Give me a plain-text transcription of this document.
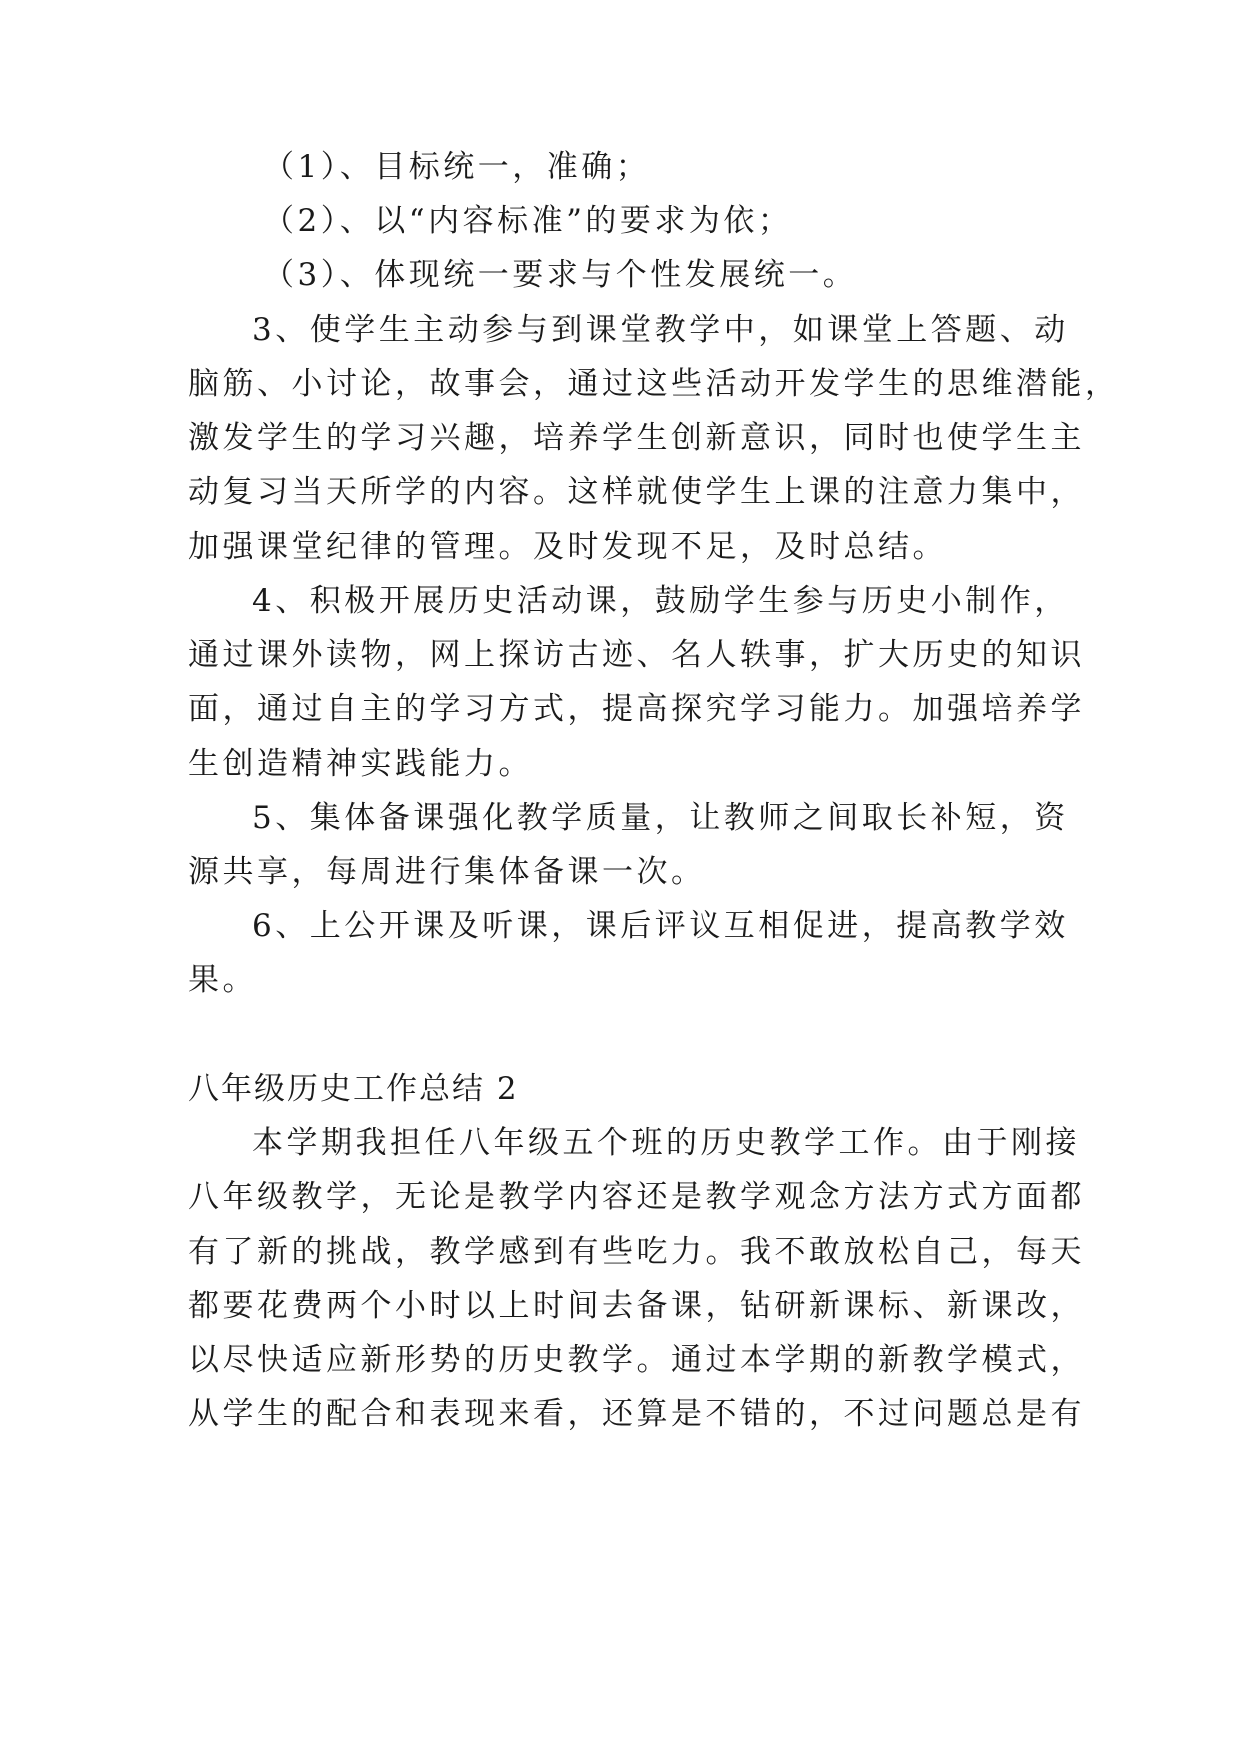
（1）、目标统一，准确；
（2）、以“内容标准”的要求为依；
（3）、体现统一要求与个性发展统一。
3、使学生主动参与到课堂教学中，如课堂上答题、动
脑筋、小讨论，故事会，通过这些活动开发学生的思维潜能，
激发学生的学习兴趣，培养学生创新意识，同时也使学生主
动复习当天所学的内容。这样就使学生上课的注意力集中，
加强课堂纪律的管理。及时发现不足，及时总结。
4、积极开展历史活动课，鼓励学生参与历史小制作，
通过课外读物，网上探访古迹、名人轶事，扩大历史的知识
面，通过自主的学习方式，提高探究学习能力。加强培养学
生创造精神实践能力。
5、集体备课强化教学质量，让教师之间取长补短，资
源共享，每周进行集体备课一次。
6、上公开课及听课，课后评议互相促进，提高教学效
果。
八年级历史工作总结 2
本学期我担任八年级五个班的历史教学工作。由于刚接
八年级教学，无论是教学内容还是教学观念方法方式方面都
有了新的挑战，教学感到有些吃力。我不敢放松自己，每天
都要花费两个小时以上时间去备课，钻研新课标、新课改，
以尽快适应新形势的历史教学。通过本学期的新教学模式，
从学生的配合和表现来看，还算是不错的，不过问题总是有
